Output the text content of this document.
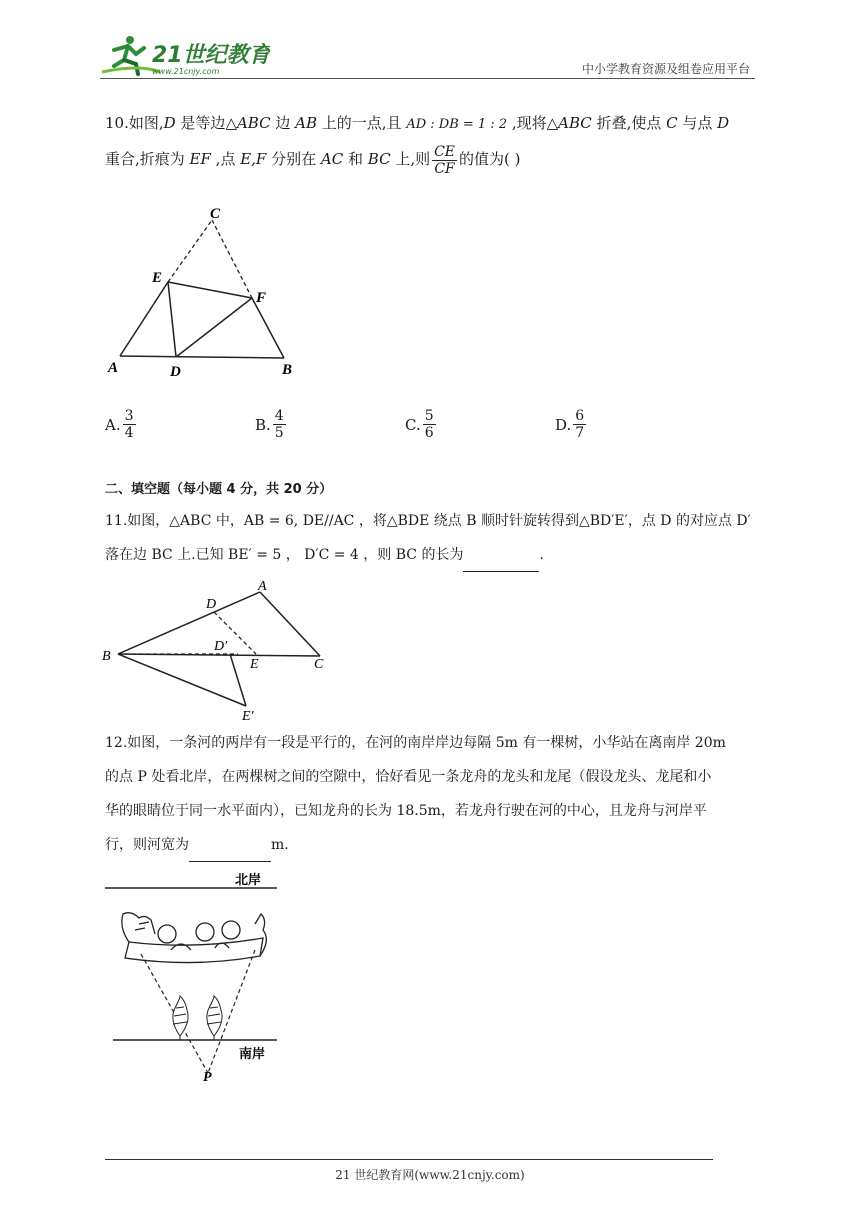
21世纪教育
www.21cnjy.com	中小学教育资源及组卷应用平台
10.如图,D 是等边△ABC 边 AB 上的一点,且 AD : DB = 1 : 2 ,现将△ABC 折叠,使点 C 与点 D
重合,折痕为 EF ,点 E,F 分别在 AC 和 BC 上,则 $\frac{CE}{CF}$ 的值为( )
C
E
F
A	D	B
A. $\frac{3}{4}$	B. $\frac{4}{5}$	C. $\frac{5}{6}$	D. $\frac{6}{7}$
二、填空题（每小题 4 分，共 20 分）
11.如图，△ABC 中，AB = 6, DE//AC ，将△BDE 绕点 B 顺时针旋转得到△BD′E′，点 D 的对应点 D′
落在边 BC 上.已知 BE′ = 5 ， D′C = 4 ，则 BC 的长为	.
A
D
D′
B
E	C
E′
12.如图，一条河的两岸有一段是平行的，在河的南岸岸边每隔 5m 有一棵树，小华站在离南岸 20m
的点 P 处看北岸，在两棵树之间的空隙中，恰好看见一条龙舟的龙头和龙尾（假设龙头、龙尾和小
华的眼睛位于同一水平面内），已知龙舟的长为 18.5m，若龙舟行驶在河的中心，且龙舟与河岸平
行，则河宽为	m.
北岸
南岸
P
21 世纪教育网(www.21cnjy.com)
